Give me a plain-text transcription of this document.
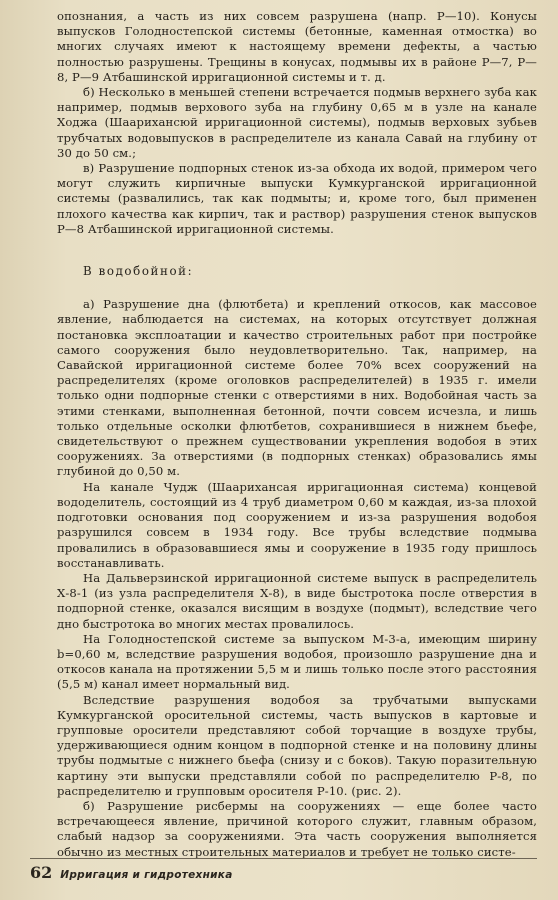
опознания, а часть из них совсем разрушена (напр. Р—10). Конусы выпусков Голодностепской системы (бетонные, каменная отмостка) во многих случаях имеют к настоящему времени дефекты, а частью полностью разрушены. Трещины в конусах, подмывы их в районе Р—7, Р—8, Р—9 Атбашинской ирригационной системы и т. д.

б) Несколько в меньшей степени встречается подмыв верхнего зуба как например, подмыв верхового зуба на глубину 0,65 м в узле на канале Ходжа (Шаарихансюй ирригационной системы), подмыв верховых зубьев трубчатых водовыпусков в распределителе из канала Савай на глубину от 30 до 50 см.;

в) Разрушение подпорных стенок из-за обхода их водой, примером чего могут служить кирпичные выпуски Кумкурганской ирригационной системы (развалились, так как подмыты; и, кроме того, был применен плохого качества как кирпич, так и раствор) разрушения стенок выпусков Р—8 Атбашинской ирригационной системы.

В водобойной:

а) Разрушение дна (флютбета) и креплений откосов, как массовое явление, наблюдается на системах, на которых отсутствует должная постановка эксплоатации и качество строительных работ при постройке самого сооружения было неудовлетворительно. Так, например, на Савайской ирригационной системе более 70% всех сооружений на распределителях (кроме оголовков распределителей) в 1935 г. имели только одни подпорные стенки с отверстиями в них. Водобойная часть за этими стенками, выполненная бетонной, почти совсем исчезла, и лишь только отдельные осколки флютбетов, сохранившиеся в нижнем бьефе, свидетельствуют о прежнем существовании укрепления водобоя в этих сооружениях. За отверстиями (в подпорных стенках) образовались ямы глубиной до 0,50 м.

На канале Чудж (Шаарихансая ирригационная система) концевой вододелитель, состоящий из 4 труб диаметром 0,60 м каждая, из-за плохой подготовки основания под сооружением и из-за разрушения водобоя разрушился совсем в 1934 году. Все трубы вследствие подмыва провалились в образовавшиеся ямы и сооружение в 1935 году пришлось восстанавливать.

На Дальверзинской ирригационной системе выпуск в распределитель Х-8-1 (из узла распределителя Х-8), в виде быстротока после отверстия в подпорной стенке, оказался висящим в воздухе (подмыт), вследствие чего дно быстротока во многих местах провалилось.

На Голодностепской системе за выпуском М-3-а, имеющим ширину b=0,60 м, вследствие разрушения водобоя, произошло разрушение дна и откосов канала на протяжении 5,5 м и лишь только после этого расстояния (5,5 м) канал имеет нормальный вид.

Вследствие разрушения водобоя за трубчатыми выпусками Кумкурганской оросительной системы, часть выпусков в картовые и групповые оросители представляют собой торчащие в воздухе трубы, удерживающиеся одним концом в подпорной стенке и на половину длины трубы подмытые с нижнего бьефа (снизу и с боков). Такую поразительную картину эти выпуски представляли собой по распределителю Р-8, по распределителю и групповым оросителя Р-10. (рис. 2).

б) Разрушение рисбермы на сооружениях — еще более часто встречающееся явление, причиной которого служит, главным образом, слабый надзор за сооружениями. Эта часть сооружения выполняется обычно из местных строительных материалов и требует не только систе-

62 Ирригация и гидротехника
